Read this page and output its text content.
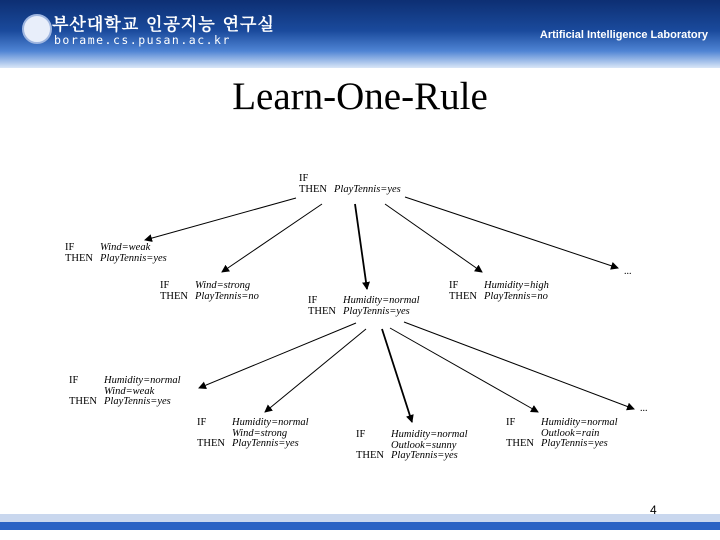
부산대학교 인공지능 연구실
borame.cs.pusan.ac.kr	Artificial Intelligence Laboratory
Learn-One-Rule
IF
THEN PlayTennis=yes
IF Wind=weak
THEN PlayTennis=yes
IF Wind=strong
THEN PlayTennis=no	IF Humidity=normal
THEN PlayTennis=yes
IF Humidity=high
THEN PlayTennis=no
...
IF Humidity=normal
Wind=weak
THEN PlayTennis=yes
IF Humidity=normal
Wind=strong
THEN PlayTennis=yes
IF Humidity=normal
Outlook=sunny
THEN PlayTennis=yes
IF Humidity=normal
Outlook=rain
THEN PlayTennis=yes
...
4
